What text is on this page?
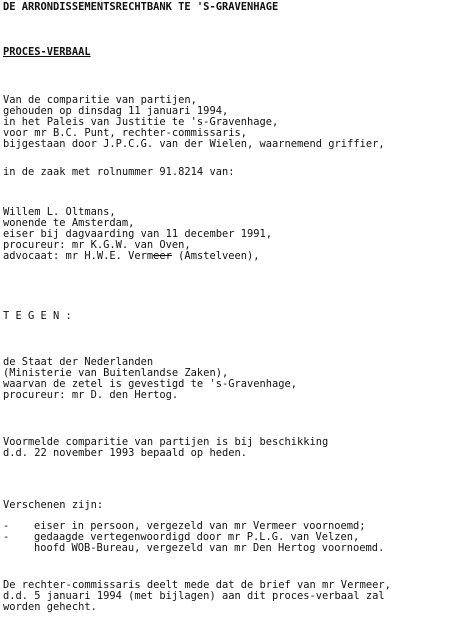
DE ARRONDISSEMENTSRECHTBANK TE 'S-GRAVENHAGE
PROCES-VERBAAL
Van de comparitie van partijen,
gehouden op dinsdag 11 januari 1994,
in het Paleis van Justitie te 's-Gravenhage,
voor mr B.C. Punt, rechter-commissaris,
bijgestaan door J.P.C.G. van der Wielen, waarnemend griffier,
in de zaak met rolnummer 91.8214 van:
Willem L. Oltmans,
wonende te Amsterdam,
eiser bij dagvaarding van 11 december 1991,
procureur: mr K.G.W. van Oven,
advocaat: mr H.W.E. Vermeer (Amstelveen),
T E G E N :
de Staat der Nederlanden
(Ministerie van Buitenlandse Zaken),
waarvan de zetel is gevestigd te 's-Gravenhage,
procureur: mr D. den Hertog.
Voormelde comparitie van partijen is bij beschikking
d.d. 22 november 1993 bepaald op heden.
Verschenen zijn:
- eiser in persoon, vergezeld van mr Vermeer voornoemd;
- gedaagde vertegenwoordigd door mr P.L.G. van Velzen,
hoofd WOB-Bureau, vergezeld van mr Den Hertog voornoemd.
De rechter-commissaris deelt mede dat de brief van mr Vermeer,
d.d. 5 januari 1994 (met bijlagen) aan dit proces-verbaal zal
worden gehecht.
